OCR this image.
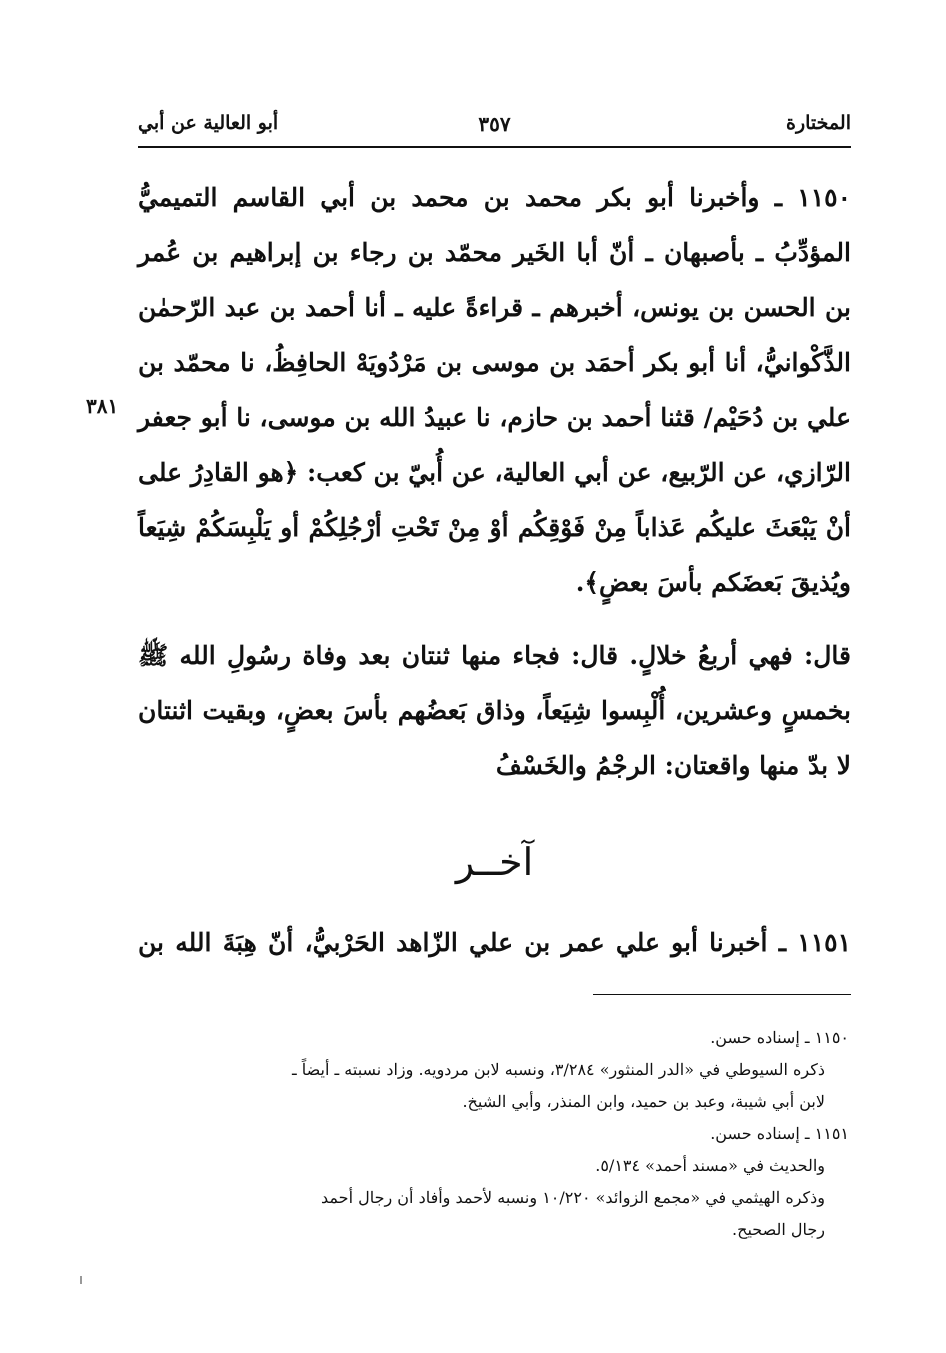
المختارة
٣٥٧
أبو العالية عن أبي
٣٨١

١١٥٠ ـ وأخبرنا أبو بكر محمد بن محمد بن أبي القاسم التميميُّ المؤدِّبُ ـ بأصبهان ـ أنّ أبا الخَير محمّد بن رجاء بن إبراهيم بن عُمر بن الحسن بن يونس، أخبرهم ـ قراءةً عليه ـ أنا أحمد بن عبد الرّحمٰن الذَّكْوانيُّ، أنا أبو بكر أحمَد بن موسى بن مَرْدُويَهْ الحافِظُ، نا محمّد بن علي بن دُحَيْم/ قثنا أحمد بن حازم، نا عبيدُ الله بن موسى، نا أبو جعفر الرّازي، عن الرّبيع، عن أبي العالية، عن أُبيّ بن كعب: ﴿هو القادِرُ على أنْ يَبْعَثَ عليكُم عَذاباً مِنْ فَوْقِكُم أوْ مِنْ تَحْتِ أرْجُلِكُمْ أو يَلْبِسَكُمْ شِيَعاً ويُذيقَ بَعضَكم بأسَ بعضٍ﴾.

قال: فهي أربعُ خلالٍ. قال: فجاء منها ثنتان بعد وفاة رسُولِ الله ﷺ بخمسٍ وعشرين، أُلْبِسوا شِيَعاً، وذاق بَعضُهم بأسَ بعضٍ، وبقيت اثنتان لا بدّ منها واقعتان: الرجْمُ والخَسْفُ

آخــر
١١٥١ ـ أخبرنا أبو علي عمر بن علي الزّاهد الحَرْبيُّ، أنّ هِبَةَ الله بن
١١٥٠ ـ إسناده حسن.
ذكره السيوطي في «الدر المنثور» ٣/٢٨٤، ونسبه لابن مردويه. وزاد نسبته ـ أيضاً ـ
لابن أبي شيبة، وعبد بن حميد، وابن المنذر، وأبي الشيخ.
١١٥١ ـ إسناده حسن.
والحديث في «مسند أحمد» ٥/١٣٤.
وذكره الهيثمي في «مجمع الزوائد» ١٠/٢٢٠ ونسبه لأحمد وأفاد أن رجال أحمد
رجال الصحيح.
